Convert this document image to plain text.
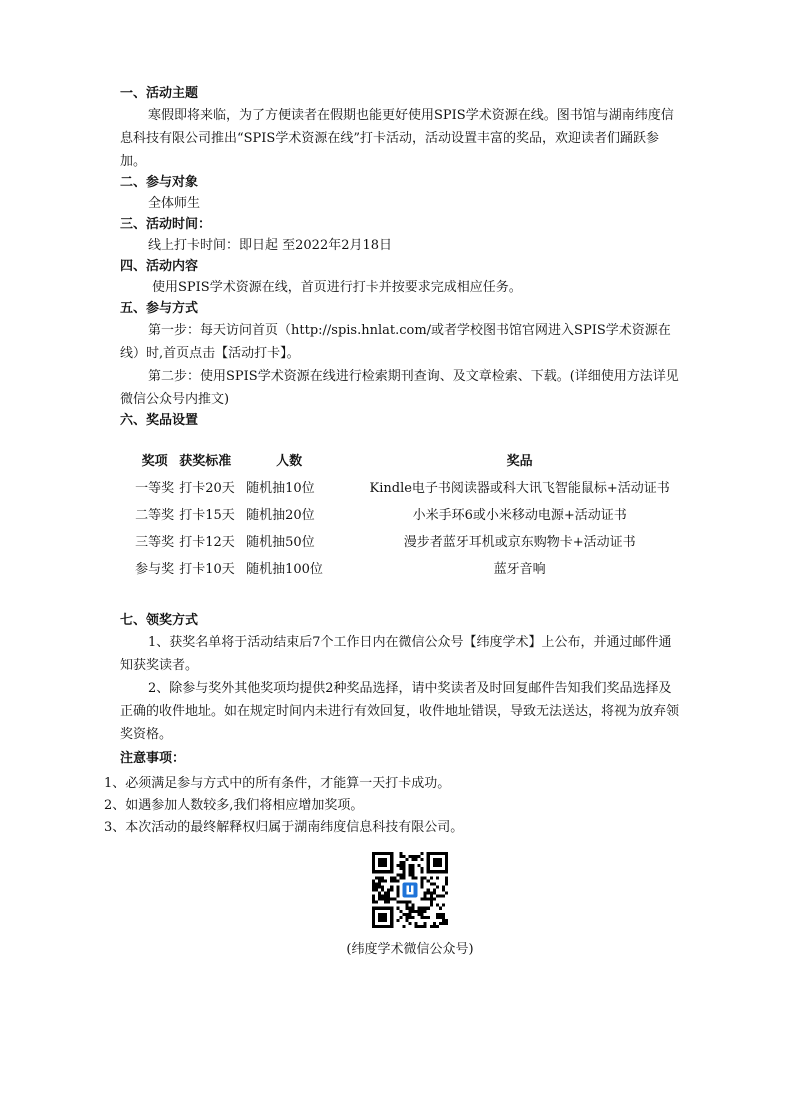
一、活动主题

寒假即将来临，为了方便读者在假期也能更好使用SPIS学术资源在线。图书馆与湖南纬度信息科技有限公司推出“SPIS学术资源在线”打卡活动，活动设置丰富的奖品，欢迎读者们踊跃参加。

二、参与对象
全体师生
三、活动时间：
线上打卡时间：即日起 至2022年2月18日
四、活动内容
使用SPIS学术资源在线，首页进行打卡并按要求完成相应任务。
五、参与方式

第一步：每天访问首页（http://spis.hnlat.com/或者学校图书馆官网进入SPIS学术资源在线）时,首页点击【活动打卡】。

第二步：使用SPIS学术资源在线进行检索期刊查询、及文章检索、下载。(详细使用方法详见微信公众号内推文)

六、奖品设置
奖项	获奖标准	人数	奖品
一等奖	打卡20天	随机抽10位	Kindle电子书阅读器或科大讯飞智能鼠标+活动证书
二等奖	打卡15天	随机抽20位	小米手环6或小米移动电源+活动证书
三等奖	打卡12天	随机抽50位	漫步者蓝牙耳机或京东购物卡+活动证书
参与奖	打卡10天	随机抽100位	蓝牙音响
七、领奖方式

1、获奖名单将于活动结束后7个工作日内在微信公众号【纬度学术】上公布，并通过邮件通知获奖读者。

2、除参与奖外其他奖项均提供2种奖品选择，请中奖读者及时回复邮件告知我们奖品选择及正确的收件地址。如在规定时间内未进行有效回复，收件地址错误，导致无法送达，将视为放弃领奖资格。

注意事项：
1、必须满足参与方式中的所有条件，才能算一天打卡成功。
2、如遇参加人数较多,我们将相应增加奖项。
3、本次活动的最终解释权归属于湖南纬度信息科技有限公司。
(纬度学术微信公众号)
